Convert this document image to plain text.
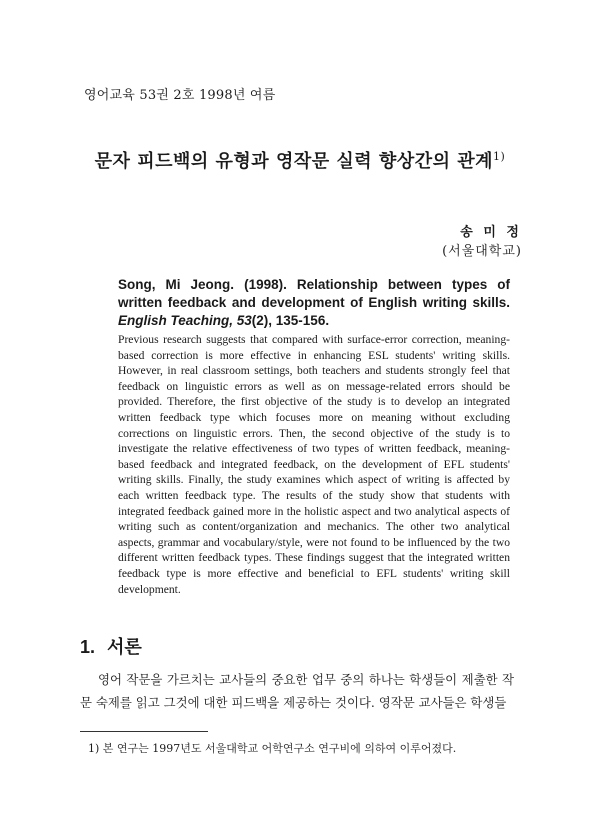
영어교육 53권 2호 1998년 여름
문자 피드백의 유형과 영작문 실력 향상간의 관계$^{1)}$
송 미 정
(서울대학교)
Song, Mi Jeong. (1998). Relationship between types of written feedback and development of English writing skills. English Teaching, 53(2), 135-156.
Previous research suggests that compared with surface-error correction, meaning-based correction is more effective in enhancing ESL students' writing skills. However, in real classroom settings, both teachers and students strongly feel that feedback on linguistic errors as well as on message-related errors should be provided. Therefore, the first objective of the study is to develop an integrated written feedback type which focuses more on meaning without excluding corrections on linguistic errors. Then, the second objective of the study is to investigate the relative effectiveness of two types of written feedback, meaning-based feedback and integrated feedback, on the development of EFL students' writing skills. Finally, the study examines which aspect of writing is affected by each written feedback type. The results of the study show that students with integrated feedback gained more in the holistic aspect and two analytical aspects of writing such as content/organization and mechanics. The other two analytical aspects, grammar and vocabulary/style, were not found to be influenced by the two different written feedback types. These findings suggest that the integrated written feedback type is more effective and beneficial to EFL students' writing skill development.
1. 서론
영어 작문을 가르치는 교사들의 중요한 업무 중의 하나는 학생들이 제출한 작문 숙제를 읽고 그것에 대한 피드백을 제공하는 것이다. 영작문 교사들은 학생들
1) 본 연구는 1997년도 서울대학교 어학연구소 연구비에 의하여 이루어졌다.
